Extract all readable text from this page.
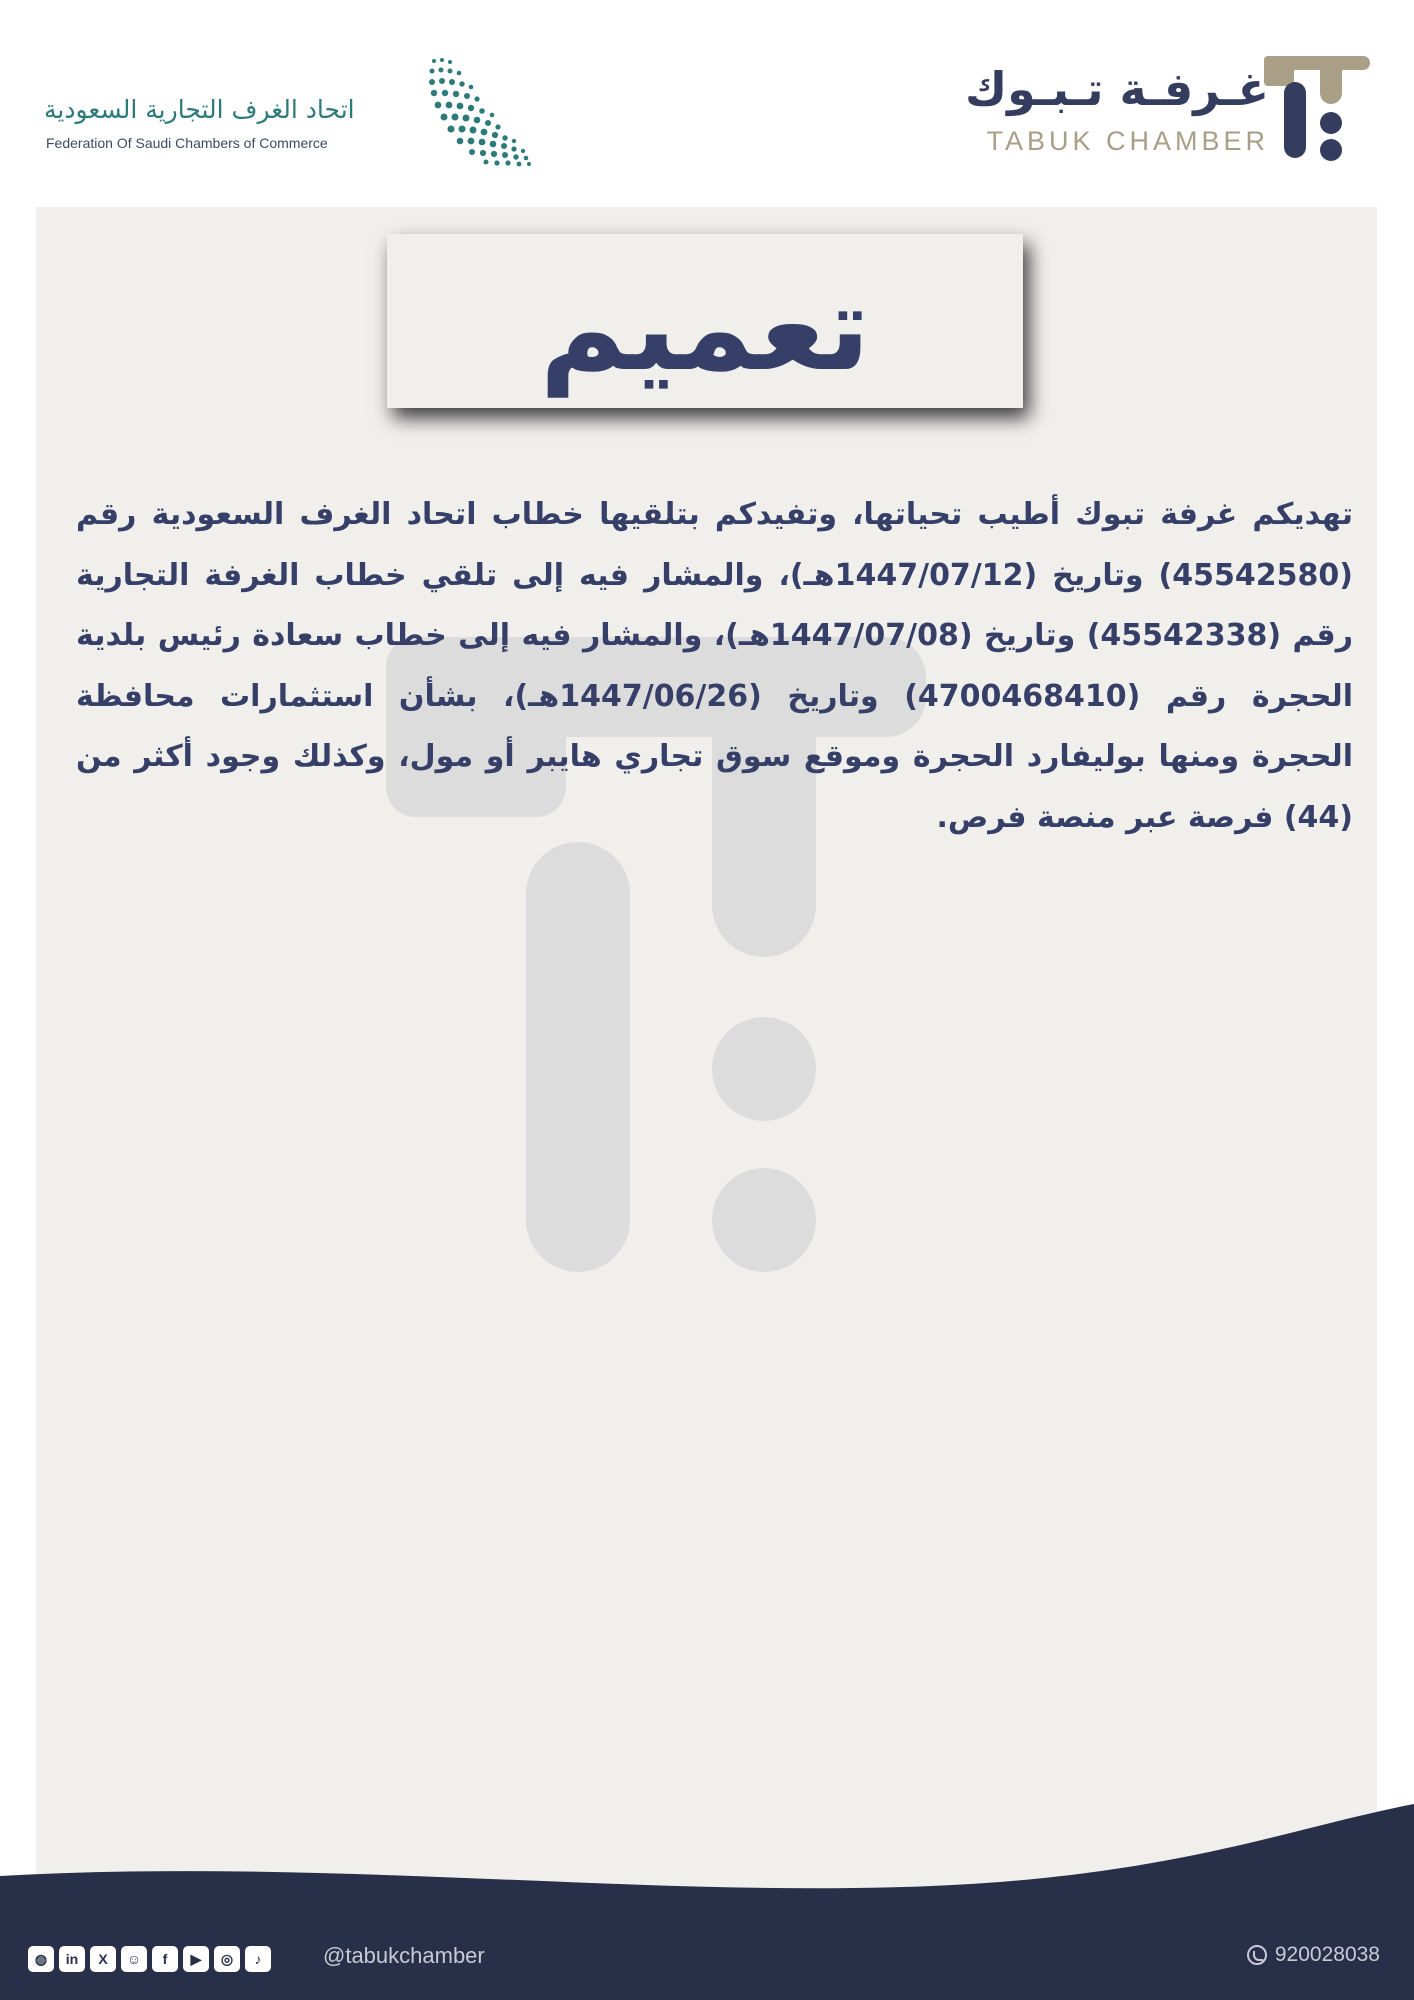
اتحاد الغرف التجارية السعودية
Federation Of Saudi Chambers of Commerce
غـرفـة تـبـوك
TABUK CHAMBER
تعميم

تهديكم غرفة تبوك أطيب تحياتها، وتفيدكم بتلقيها خطاب اتحاد الغرف السعودية رقم (45542580) وتاريخ (1447/07/12هـ)، والمشار فيه إلى تلقي خطاب الغرفة التجارية رقم (45542338) وتاريخ (1447/07/08هـ)، والمشار فيه إلى خطاب سعادة رئيس بلدية الحجرة رقم (4700468410) وتاريخ (1447/06/26هـ)، بشأن استثمارات محافظة الحجرة ومنها بوليفارد الحجرة وموقع سوق تجاري هايبر أو مول، وكذلك وجود أكثر من (44) فرصة عبر منصة فرص.

◍	in	X	☺	f	▶	◎	♪	@tabukchamber	920028038
